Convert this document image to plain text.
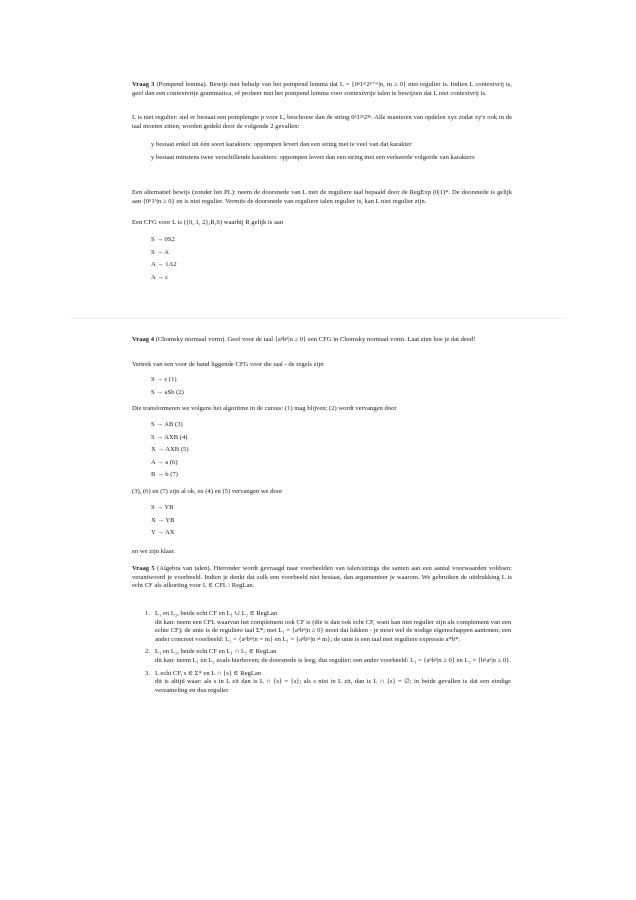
Vraag 3 (Pompend lemma). Bewijs met behulp van het pompend lemma dat L = {0ⁿ1ᵐ2ⁿ⁺ᵐ|n, m ≥ 0} niet regulier is. Indien L contextvrij is, geef dan een contextvrije grammatica, of probeer met het pompend lemma voor contextvrije talen te bewijzen dat L niet contextvrij is.
L is niet regulier: stel er bestaat een pomplengte p voor L, beschouw dan de string 0ᵖ1²ᵖ2³ᵖ. Alle manieren van opdelen xyz zodat xyⁱz ook in de taal moeten zitten, worden gedekt door de volgende 2 gevallen:

y bestaat enkel uit één soort karakters: oppompen levert dan een string met te veel van dat karakter

y bestaat minstens twee verschillende karakters: oppompen levert dan een string met een verkeerde volgorde van karakters

Een alternatief bewijs (zonder het PL): neem de doorsnede van L met de reguliere taal bepaald door de RegExp (0|1)*. De doorsnede is gelijk aan {0ⁿ1ⁿ|n ≥ 0} en is niet regulier. Vermits de doorsnede van reguliere talen regulier is, kan L niet regulier zijn.
Een CFG voor L is ({0, 1, 2},R,S) waarbij R gelijk is aan
S → 0S2
S → A
A → 1A2
A → ϵ
Vraag 4 (Chomsky normaal vorm). Geef voor de taal {aⁿbⁿ|n ≥ 0} een CFG in Chomsky normaal vorm. Laat zien hoe je dat deed!
Vertrek van een voor de hand liggende CFG voor die taal - de regels zijn
S → ϵ (1)
S → aSb (2)
Die transformeren we volgens het algoritme in de cursus: (1) mag blijven; (2) wordt vervangen door
S → AB (3)
S → AXB (4)
X → AXB (5)
A → a (6)
B → b (7)
(3), (6) en (7) zijn al ok, en (4) en (5) vervangen we door
S → YB
X → YB
Y → AX
en we zijn klaar.
Vraag 5 (Algebra van talen). Hieronder wordt gevraagd naar voorbeelden van talen/strings die samen aan een aantal voorwaarden voldoen: verantwoord je voorbeeld. Indien je denkt dat zulk een voorbeeld niet bestaat, dan argumenteer je waarom. We gebruiken de uitdrukking L is echt CF als afkorting voor L ∈ CFL \ RegLan.
1. L₁ en L₂, beide echt CF en L₁ ∪ L₂ ∈ RegLan
dit kan: neem een CFL waarvan het complement ook CF is (die is dan ook echt CF, want kan niet regulier zijn als complement van een echte CF); de unie is de reguliere taal Σ*; met L₁ = {aⁿbⁿ|n ≥ 0} moet dat lukken - je moet wel de nodige eigenschappen aantonen; een ander concreet voorbeeld: L₁ = {aⁿbᵐ|n = m} en L₁ = {aⁿbᵐ|n ≠ m}; de unie is een taal met reguliere expressie a*b*.
2. L₁ en L₂, beide echt CF en L₁ ∩ L₂ ∈ RegLan
dit kan: neem L₁ en L₂ zoals hierboven; de doorsnede is leeg, dus regulier; een ander voorbeeld: L₁ = {aⁿbⁿ|n ≥ 0} en L₂ = {bⁿaⁿ|n ≥ 0}.
3. L echt CF, s ∈ Σ* en L ∩ {s} ∈ RegLan
dit is altijd waar: als s in L zit dan is L ∩ {s} = {s}; als s niet in L zit, dan is L ∩ {s} = ∅; in beide gevallen is dat een eindige verzameling en dus regulier
